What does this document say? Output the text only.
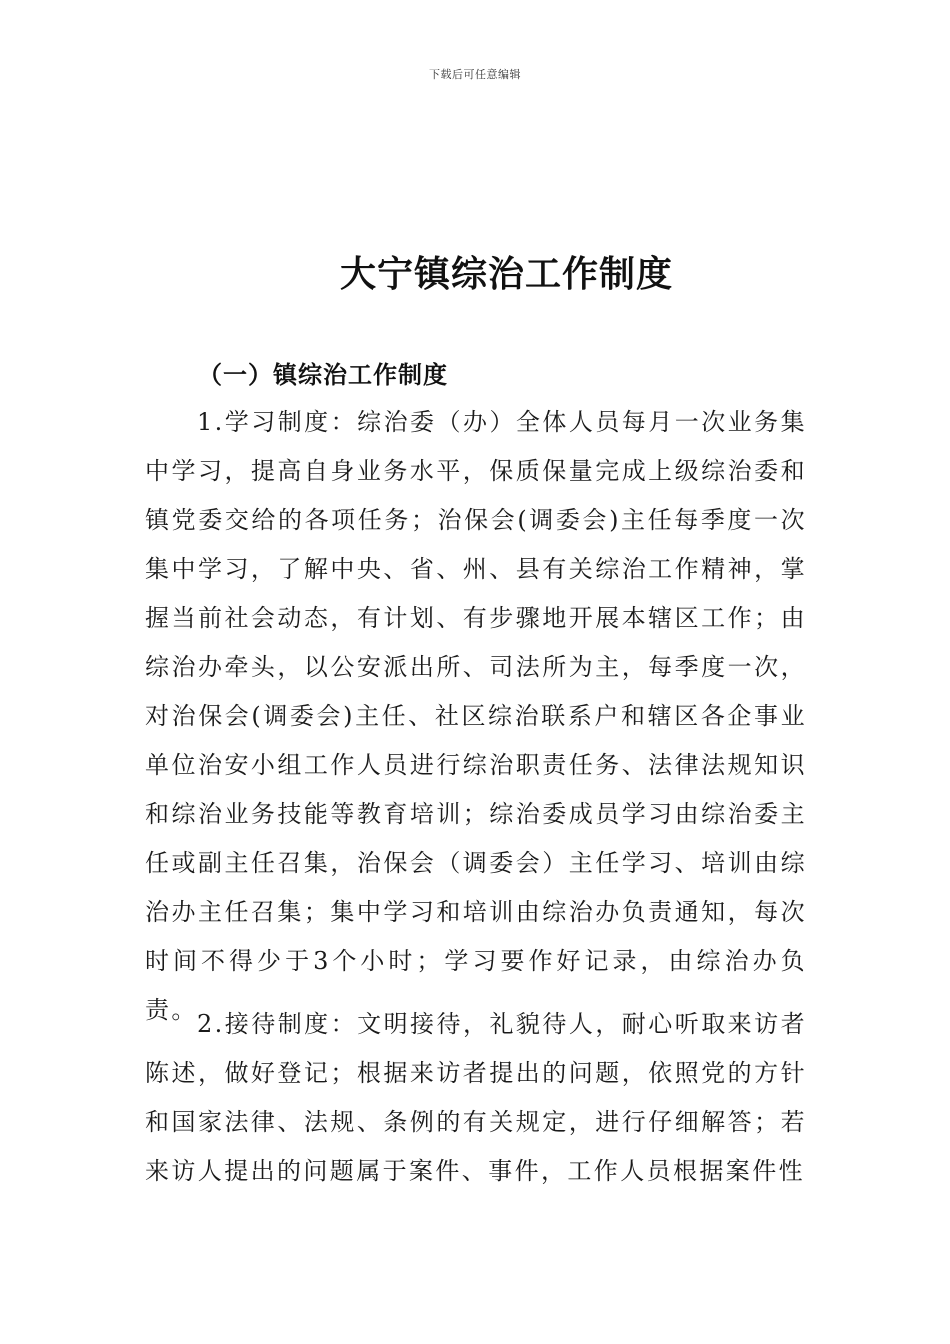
下载后可任意编辑
大宁镇综治工作制度
（一）镇综治工作制度

1.学习制度：综治委（办）全体人员每月一次业务集中学习，提高自身业务水平，保质保量完成上级综治委和镇党委交给的各项任务；治保会(调委会)主任每季度一次集中学习，了解中央、省、州、县有关综治工作精神，掌握当前社会动态，有计划、有步骤地开展本辖区工作；由综治办牵头，以公安派出所、司法所为主，每季度一次，对治保会(调委会)主任、社区综治联系户和辖区各企事业单位治安小组工作人员进行综治职责任务、法律法规知识和综治业务技能等教育培训；综治委成员学习由综治委主任或副主任召集，治保会（调委会）主任学习、培训由综治办主任召集；集中学习和培训由综治办负责通知，每次时间不得少于3个小时；学习要作好记录，由综治办负责。 2.接待制度：文明接待，礼貌待人，耐心听取来访者陈述，做好登记；根据来访者提出的问题，依照党的方针和国家法律、法规、条例的有关规定，进行仔细解答；若来访人提出的问题属于案件、事件，工作人员根据案件性
